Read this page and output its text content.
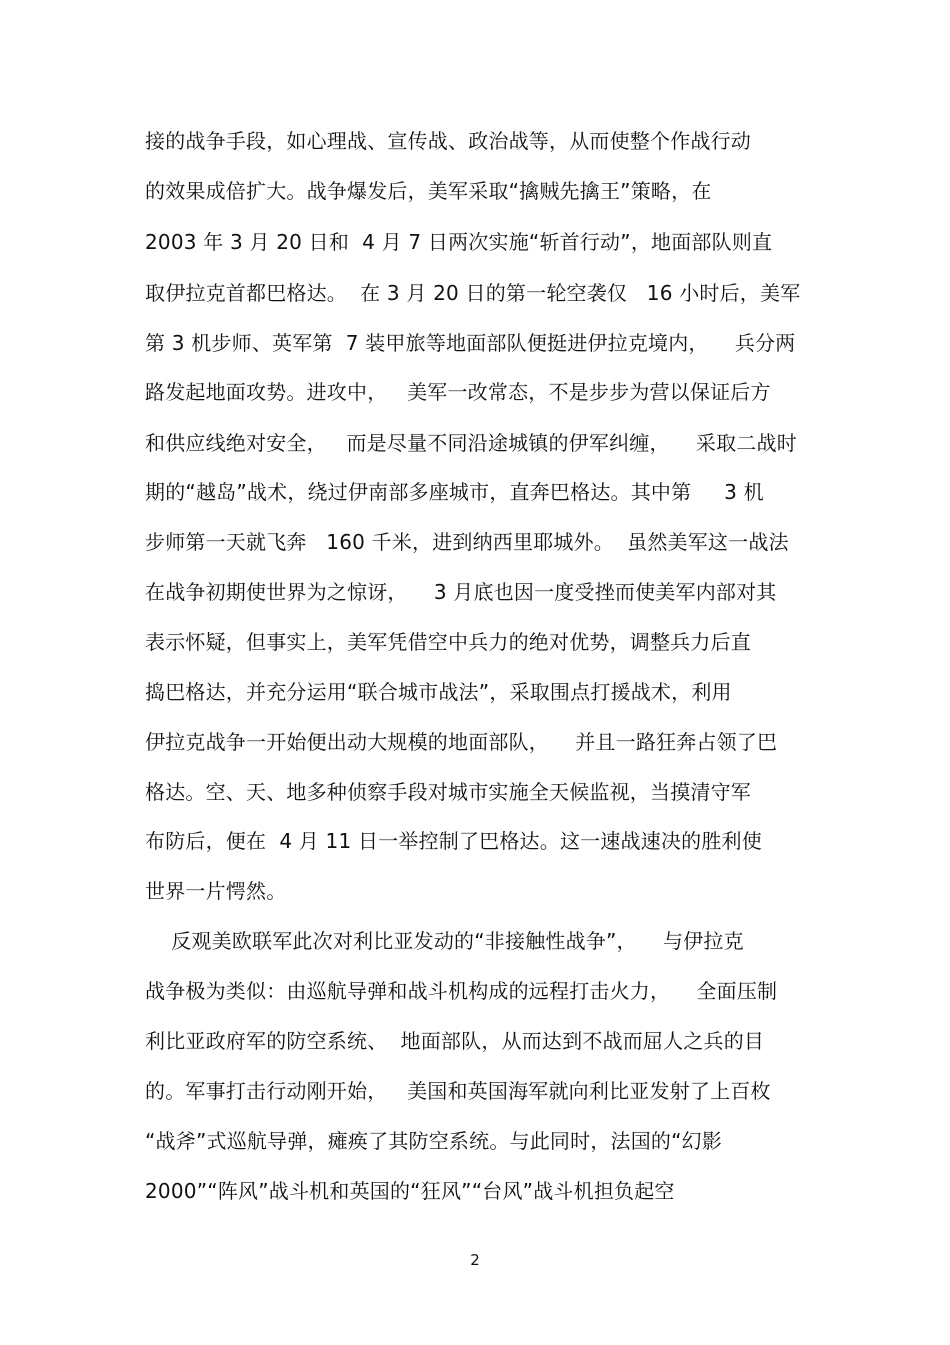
接的战争手段，如心理战、宣传战、政治战等，从而使整个作战行动
的效果成倍扩大。战争爆发后，美军采取“擒贼先擒王”策略，在
2003 年 3 月 20 日和  4 月 7 日两次实施“斩首行动”，地面部队则直
取伊拉克首都巴格达。  在 3 月 20 日的第一轮空袭仅   16 小时后，美军
第 3 机步师、英军第  7 装甲旅等地面部队便挺进伊拉克境内，    兵分两
路发起地面攻势。进攻中，   美军一改常态，不是步步为营以保证后方
和供应线绝对安全，   而是尽量不同沿途城镇的伊军纠缠，    采取二战时
期的“越岛”战术，绕过伊南部多座城市，直奔巴格达。其中第     3 机
步师第一天就飞奔   160 千米，进到纳西里耶城外。  虽然美军这一战法
在战争初期使世界为之惊讶，    3 月底也因一度受挫而使美军内部对其
表示怀疑，但事实上，美军凭借空中兵力的绝对优势，调整兵力后直
捣巴格达，并充分运用“联合城市战法”，采取围点打援战术，利用
伊拉克战争一开始便出动大规模的地面部队，    并且一路狂奔占领了巴
格达。空、天、地多种侦察手段对城市实施全天候监视，当摸清守军
布防后，便在  4 月 11 日一举控制了巴格达。这一速战速决的胜利使
世界一片愕然。
反观美欧联军此次对利比亚发动的“非接触性战争”，    与伊拉克
战争极为类似：由巡航导弹和战斗机构成的远程打击火力，    全面压制
利比亚政府军的防空系统、  地面部队，从而达到不战而屈人之兵的目
的。军事打击行动刚开始，   美国和英国海军就向利比亚发射了上百枚
“战斧”式巡航导弹，瘫痪了其防空系统。与此同时，法国的“幻影
2000”“阵风”战斗机和英国的“狂风”“台风”战斗机担负起空
2
